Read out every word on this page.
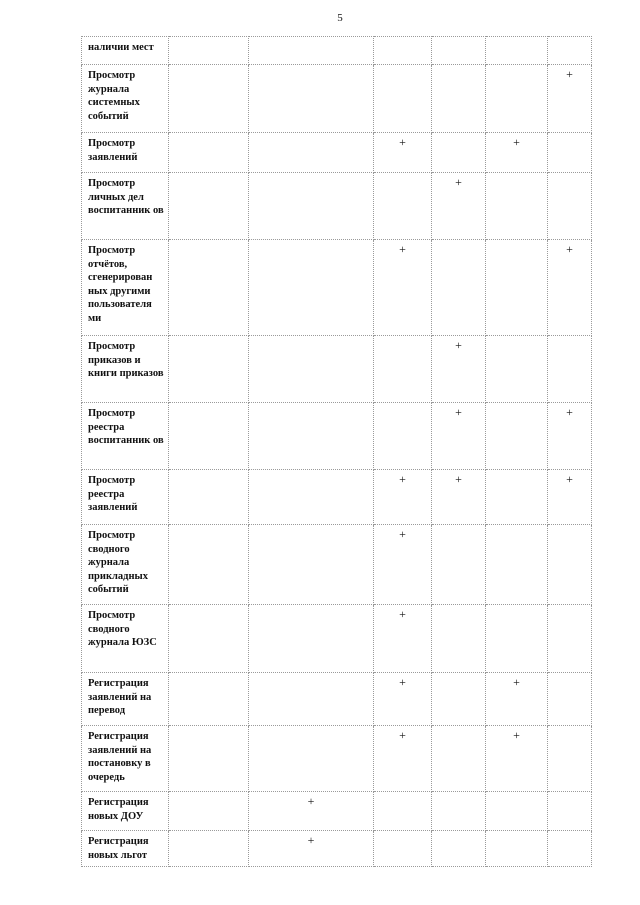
5
наличии мест						
Просмотр журнала системных событий						+
Просмотр заявлений			+		+	
Просмотр личных дел воспитанник ов				+		
Просмотр отчётов, сгенерирован ных другими пользователя ми			+			+
Просмотр приказов и книги приказов				+		
Просмотр реестра воспитанник ов				+		+
Просмотр реестра заявлений			+	+		+
Просмотр сводного журнала прикладных событий			+			
Просмотр сводного журнала ЮЗС			+			
Регистрация заявлений на перевод			+		+	
Регистрация заявлений на постановку в очередь			+		+	
Регистрация новых ДОУ		+				
Регистрация новых льгот		+				
